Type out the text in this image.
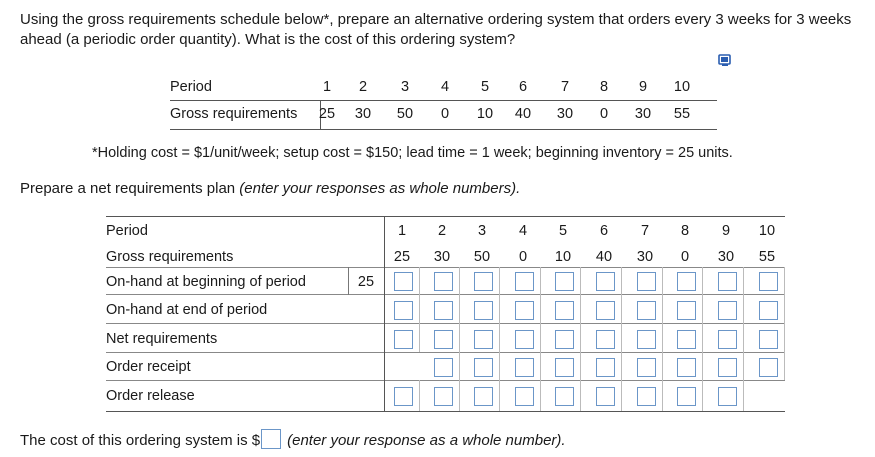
Using the gross requirements schedule below*, prepare an alternative ordering system that orders every 3 weeks for 3 weeks ahead (a periodic order quantity). What is the cost of this ordering system?
Period
Gross requirements
1
25
2
30
3
50
4
0
5
10
6
40
7
30
8
0
9
30
10
55
*Holding cost = $1/unit/week; setup cost = $150; lead time = 1 week; beginning inventory = 25 units.
Prepare a net requirements plan (enter your responses as whole numbers).
Period
Gross requirements
On-hand at beginning of period
On-hand at end of period
Net requirements
Order receipt
Order release
25
1
25
2
30
3
50
4
0
5
10
6
40
7
30
8
0
9
30
10
55
The cost of this ordering system is $ (enter your response as a whole number).
